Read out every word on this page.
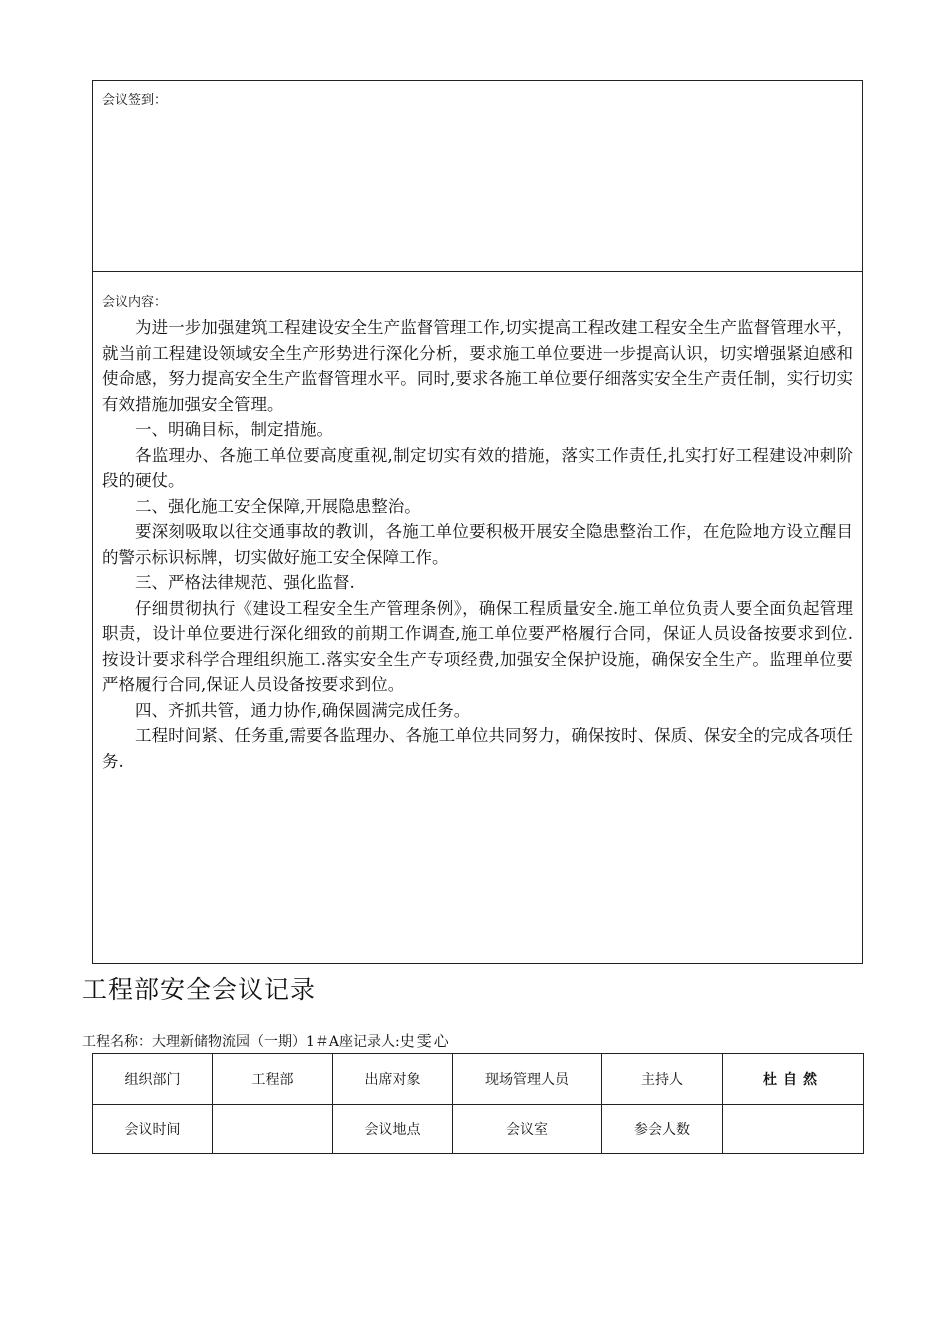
会议签到：
会议内容：

为进一步加强建筑工程建设安全生产监督管理工作,切实提高工程改建工程安全生产监督管理水平，就当前工程建设领域安全生产形势进行深化分析，要求施工单位要进一步提高认识，切实增强紧迫感和使命感，努力提高安全生产监督管理水平。同时,要求各施工单位要仔细落实安全生产责任制，实行切实有效措施加强安全管理。

一、明确目标，制定措施。

各监理办、各施工单位要高度重视,制定切实有效的措施，落实工作责任,扎实打好工程建设冲刺阶段的硬仗。

二、强化施工安全保障,开展隐患整治。

要深刻吸取以往交通事故的教训，各施工单位要积极开展安全隐患整治工作，在危险地方设立醒目的警示标识标牌，切实做好施工安全保障工作。

三、严格法律规范、强化监督.

仔细贯彻执行《建设工程安全生产管理条例》，确保工程质量安全.施工单位负责人要全面负起管理职责，设计单位要进行深化细致的前期工作调查,施工单位要严格履行合同，保证人员设备按要求到位.按设计要求科学合理组织施工.落实安全生产专项经费,加强安全保护设施，确保安全生产。监理单位要严格履行合同,保证人员设备按要求到位。

四、齐抓共管，通力协作,确保圆满完成任务。

工程时间紧、任务重,需要各监理办、各施工单位共同努力，确保按时、保质、保安全的完成各项任务.

工程部安全会议记录
工程名称：大理新储物流园（一期）1＃A座记录人:史雯心
组织部门	工程部	出席对象	现场管理人员	主持人	杜自然
会议时间		会议地点	会议室	参会人数	
